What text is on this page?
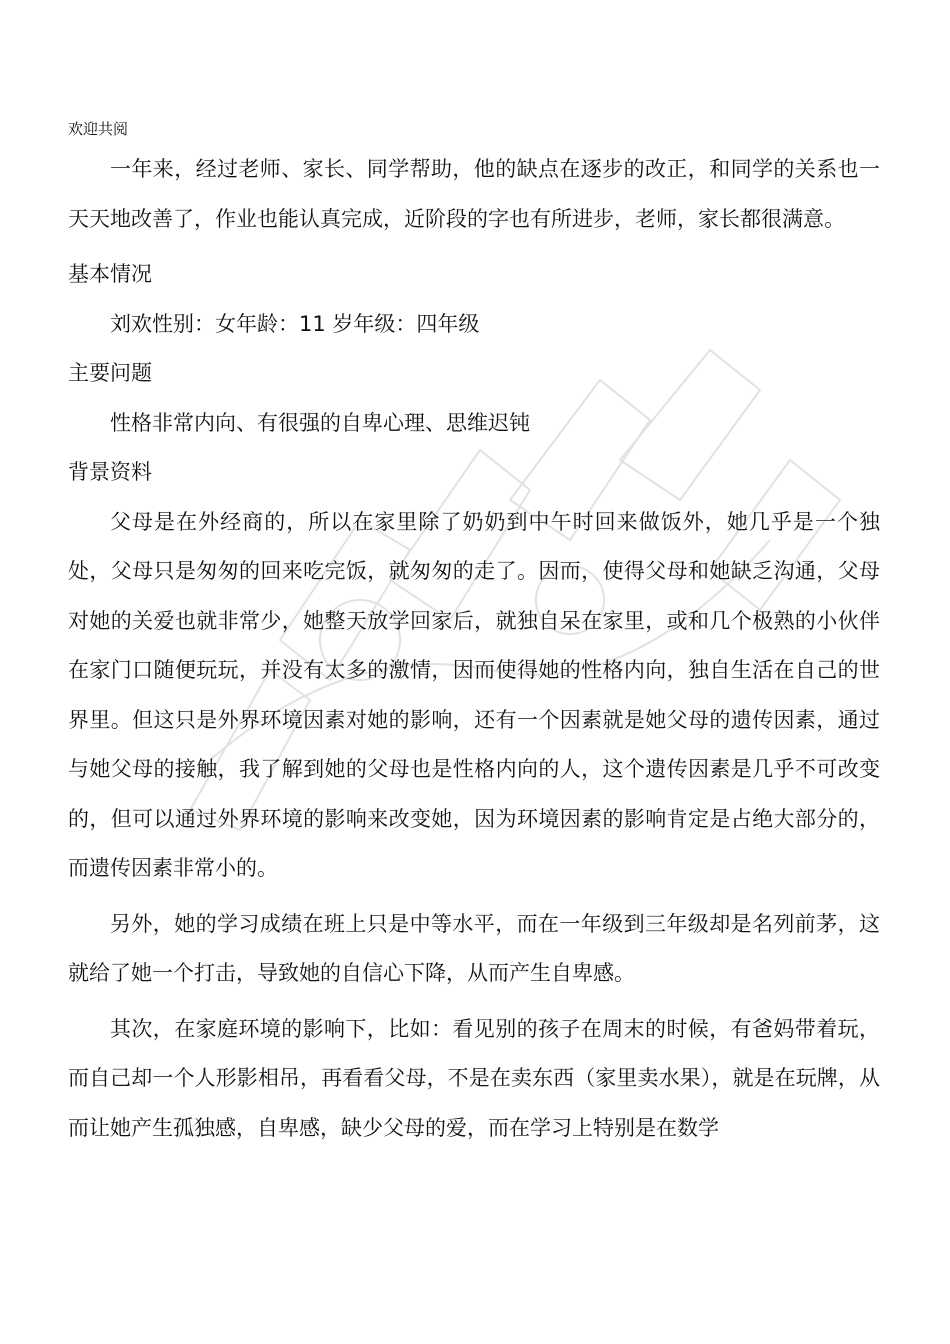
欢迎共阅

一年来，经过老师、家长、同学帮助，他的缺点在逐步的改正，和同学的关系也一天天地改善了，作业也能认真完成，近阶段的字也有所进步，老师，家长都很满意。

基本情况

刘欢性别：女年龄：11 岁年级：四年级

主要问题

性格非常内向、有很强的自卑心理、思维迟钝

背景资料

父母是在外经商的，所以在家里除了奶奶到中午时回来做饭外，她几乎是一个独处，父母只是匆匆的回来吃完饭，就匆匆的走了。因而，使得父母和她缺乏沟通，父母对她的关爱也就非常少，她整天放学回家后，就独自呆在家里，或和几个极熟的小伙伴在家门口随便玩玩，并没有太多的激情，因而使得她的性格内向，独自生活在自己的世界里。但这只是外界环境因素对她的影响，还有一个因素就是她父母的遗传因素，通过与她父母的接触，我了解到她的父母也是性格内向的人，这个遗传因素是几乎不可改变的，但可以通过外界环境的影响来改变她，因为环境因素的影响肯定是占绝大部分的，而遗传因素非常小的。

另外，她的学习成绩在班上只是中等水平，而在一年级到三年级却是名列前茅，这就给了她一个打击，导致她的自信心下降，从而产生自卑感。

其次，在家庭环境的影响下，比如：看见别的孩子在周末的时候，有爸妈带着玩，而自己却一个人形影相吊，再看看父母，不是在卖东西（家里卖水果），就是在玩牌，从而让她产生孤独感，自卑感，缺少父母的爱，而在学习上特别是在数学
